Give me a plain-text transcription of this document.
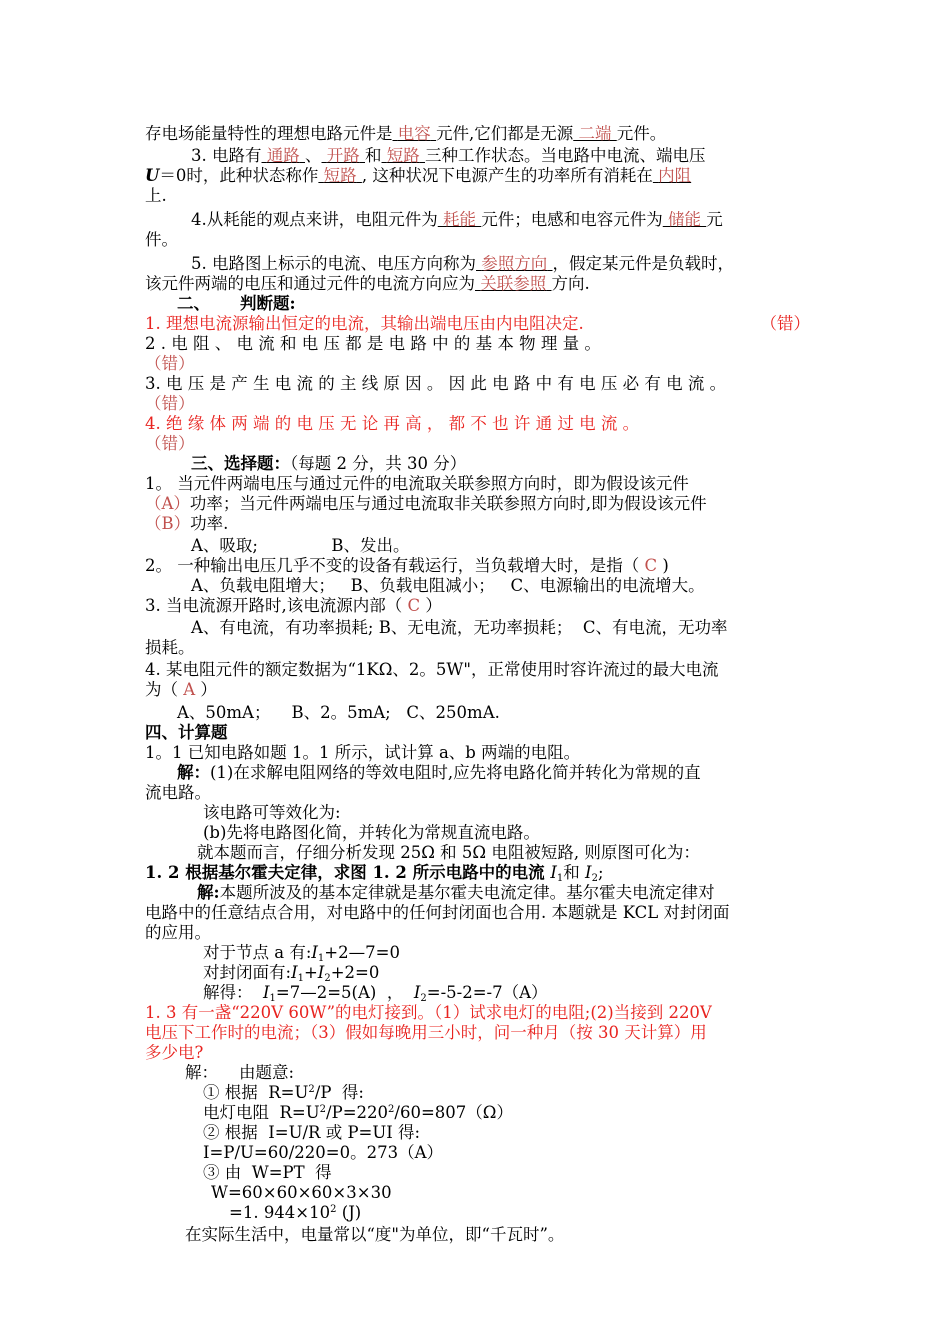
存电场能量特性的理想电路元件是 电容 元件,它们都是无源 二端 元件。

3. 电路有 通路 、 开路 和 短路 三种工作状态。当电路中电流、端电压

U＝0时，此种状态称作 短路 , 这种状况下电源产生的功率所有消耗在 内阻

上.

4.从耗能的观点来讲，电阻元件为 耗能 元件；电感和电容元件为 储能 元

件。

5. 电路图上标示的电流、电压方向称为 参照方向 ，假定某元件是负载时，

该元件两端的电压和通过元件的电流方向应为 关联参照 方向.

二、 判断题:

1. 理想电流源输出恒定的电流，其输出端电压由内电阻决定.	（错）

2 . 电 阻 、 电 流 和 电 压 都 是 电 路 中 的 基 本 物 理 量 。

（错）

3. 电 压 是 产 生 电 流 的 主 线 原 因 。 因 此 电 路 中 有 电 压 必 有 电 流 。

（错）

4. 绝 缘 体 两 端 的 电 压 无 论 再 高 ， 都 不 也 许 通 过 电 流 。

（错）

三、选择题：（每题 2 分，共 30 分）

1。 当元件两端电压与通过元件的电流取关联参照方向时，即为假设该元件

（A）功率；当元件两端电压与通过电流取非关联参照方向时,即为假设该元件

（B）功率.

A、吸取;              B、发出。

2。 一种输出电压几乎不变的设备有载运行，当负载增大时，是指（ C )

A、负载电阻增大；   B、负载电阻减小；   C、电源输出的电流增大。

3. 当电流源开路时,该电流源内部（ C ）

A、有电流，有功率损耗; B、无电流，无功率损耗；  C、有电流，无功率

损耗。

4. 某电阻元件的额定数据为“1KΩ、2。5W"，正常使用时容许流过的最大电流

为（ A ）

A、50mA；    B、2。5mA;   C、250mA.

四、计算题

1。1 已知电路如题 1。1 所示，试计算 a、b 两端的电阻。

解：(1)在求解电阻网络的等效电阻时,应先将电路化简并转化为常规的直

流电路。

该电路可等效化为:

(b)先将电路图化简，并转化为常规直流电路。

就本题而言，仔细分析发现 25Ω 和 5Ω 电阻被短路, 则原图可化为：

1. 2 根据基尔霍夫定律，求图 1. 2 所示电路中的电流 $I_1$和 $I_2$;

解:本题所波及的基本定律就是基尔霍夫电流定律。基尔霍夫电流定律对

电路中的任意结点合用，对电路中的任何封闭面也合用. 本题就是 KCL 对封闭面

的应用。

对于节点 a 有$:I_1+2—7=0$

对封闭面有$:I_1+I_2+2=0$

解得：  $I_1=7—2=5(A)$  ， $I_2=-5-2=-7(A)$

1. 3 有一盏“220V 60W”的电灯接到。（1）试求电灯的电阻;(2)当接到 220V

电压下工作时的电流；（3）假如每晚用三小时，问一种月（按 30 天计算）用

多少电?

解：    由题意:

① 根据  $R=U^2/P$  得:

电灯电阻  $R=U^2/P=220^2/60=807(\Omega)$

② 根据  I=U/R 或 P=UI 得:

I=P/U=60/220=0。273（A）

③ 由  W=PT  得

W=60×60×60×3×30

=1. $944\times 10^2$ (J)

在实际生活中，电量常以“度"为单位，即“千瓦时”。
